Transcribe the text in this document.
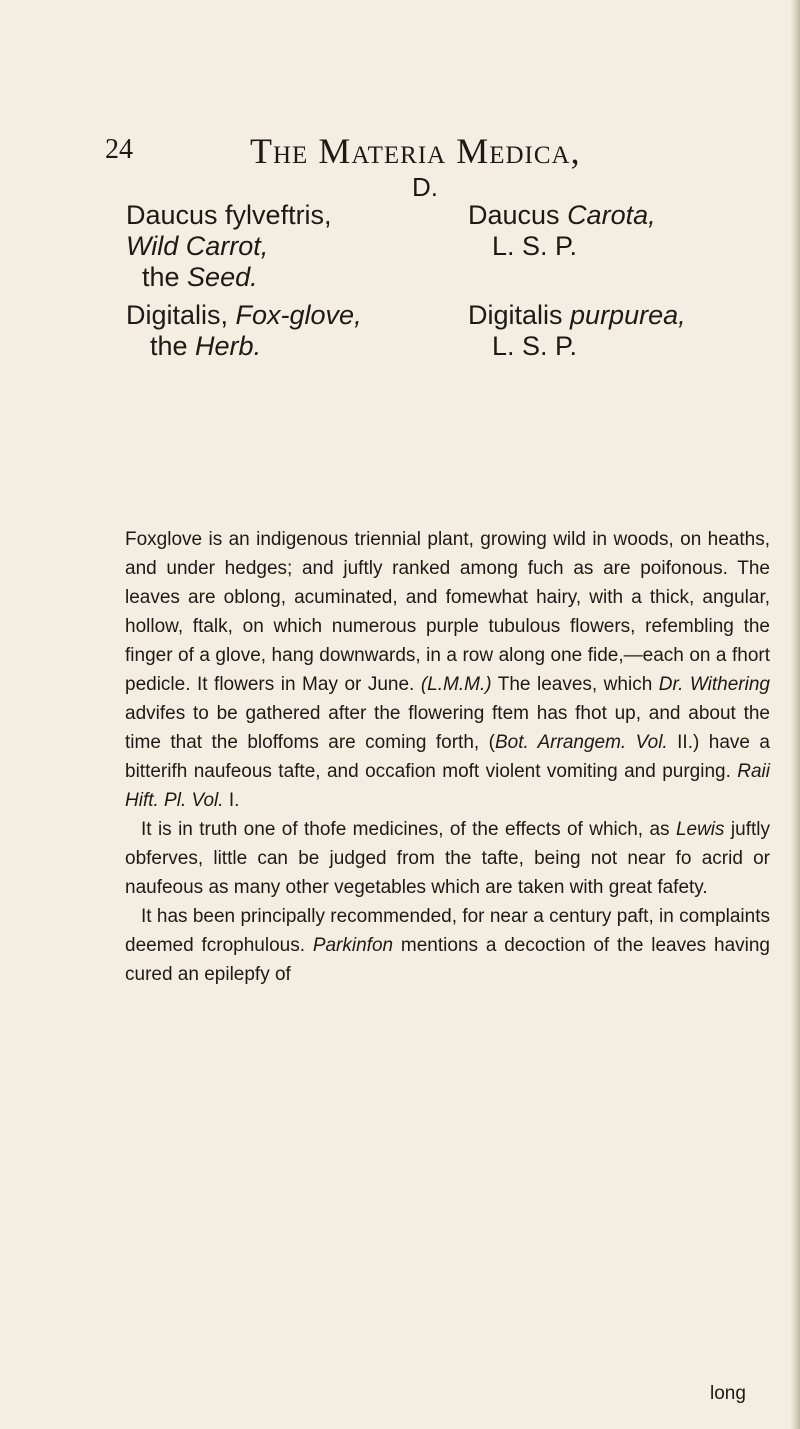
24	The Materia Medica,
D.
Daucus fylveftris,
Wild Carrot,
the Seed.
Daucus Carota,
L. S. P.
Digitalis, Fox-glove,
the Herb.
Digitalis purpurea,
L. S. P.

Foxglove is an indigenous triennial plant, growing wild in woods, on heaths, and under hedges; and juftly ranked among fuch as are poifonous. The leaves are oblong, acuminated, and fomewhat hairy, with a thick, angular, hollow, ftalk, on which numerous purple tubulous flowers, refembling the finger of a glove, hang downwards, in a row along one fide,—each on a fhort pedicle. It flowers in May or June. (L.M.M.) The leaves, which Dr. Withering advifes to be gathered after the flowering ftem has fhot up, and about the time that the bloffoms are coming forth, (Bot. Arrangem. Vol. II.) have a bitterifh naufeous tafte, and occafion moft violent vomiting and purging. Raii Hift. Pl. Vol. I.

It is in truth one of thofe medicines, of the effects of which, as Lewis juftly obferves, little can be judged from the tafte, being not near fo acrid or naufeous as many other vegetables which are taken with great fafety.

It has been principally recommended, for near a century paft, in complaints deemed fcrophulous. Parkinfon mentions a decoction of the leaves having cured an epilepfy of

long
